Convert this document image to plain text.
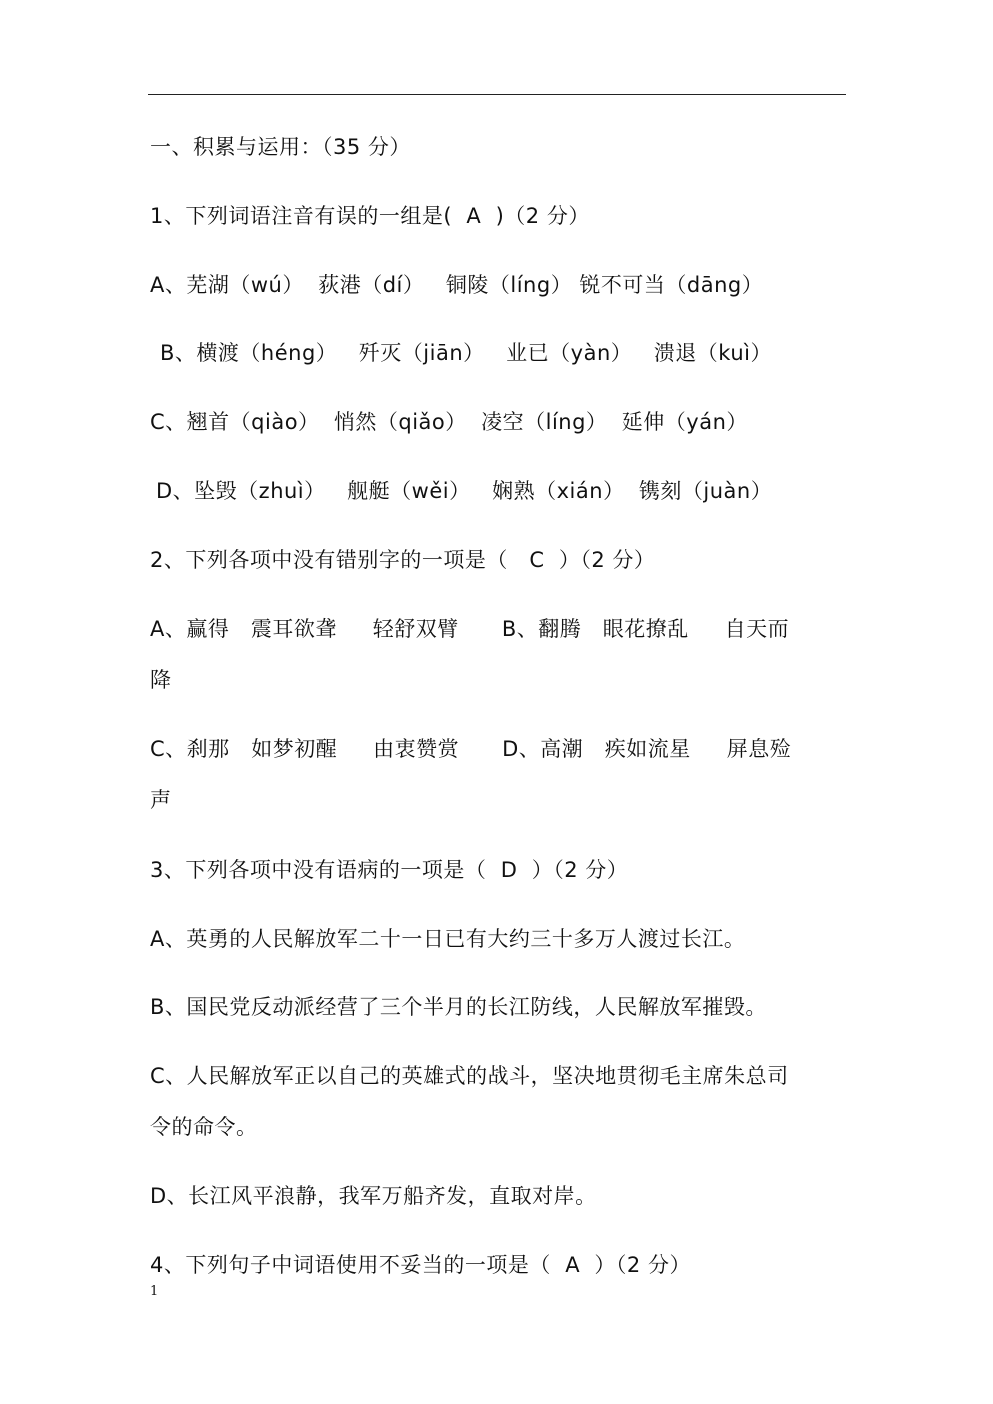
一、积累与运用：（35 分）
1、下列词语注音有误的一组是(  A  )（2 分）
A、芜湖（wú）  荻港（dí）   铜陵（líng） 锐不可当（dāng）
B、横渡（héng）   歼灭（jiān）   业已（yàn）   溃退（kuì）
C、翘首（qiào）  悄然（qiǎo）  凌空（líng）  延伸（yán）
D、坠毁（zhuì）   舰艇（wěi）   娴熟（xián）  镌刻（juàn）
2、下列各项中没有错别字的一项是（   C  ）（2 分）
A、赢得   震耳欲聋     轻舒双臂      B、翻腾   眼花撩乱     自天而
降
C、刹那   如梦初醒     由衷赞赏      D、高潮   疾如流星     屏息殓
声
3、下列各项中没有语病的一项是（  D  ）（2 分）
A、英勇的人民解放军二十一日已有大约三十多万人渡过长江。
B、国民党反动派经营了三个半月的长江防线，人民解放军摧毁。
C、人民解放军正以自己的英雄式的战斗，坚决地贯彻毛主席朱总司
令的命令。
D、长江风平浪静，我军万船齐发，直取对岸。
4、下列句子中词语使用不妥当的一项是（  A  ）（2 分）
1
